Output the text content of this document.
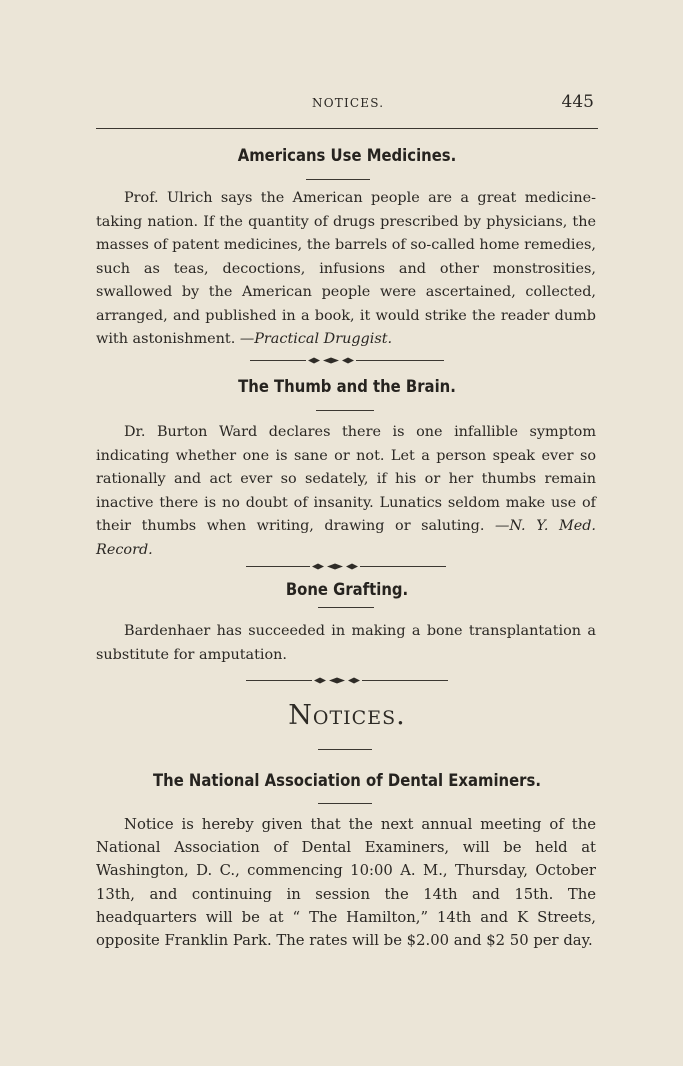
NOTICES.	445
Americans Use Medicines.

Prof. Ulrich says the American people are a great medicine-taking nation. If the quantity of drugs prescribed by physicians, the masses of patent medicines, the barrels of so-called home remedies, such as teas, decoctions, infusions and other monstrosities, swallowed by the American people were ascertained, collected, arranged, and published in a book, it would strike the reader dumb with astonishment. —Practical Druggist.

The Thumb and the Brain.

Dr. Burton Ward declares there is one infallible symptom indicating whether one is sane or not. Let a person speak ever so rationally and act ever so sedately, if his or her thumbs remain inactive there is no doubt of insanity. Lunatics seldom make use of their thumbs when writing, drawing or saluting. —N. Y. Med. Record.

Bone Grafting.

Bardenhaer has succeeded in making a bone transplantation a substitute for amputation.

Notices.
The National Association of Dental Examiners.

Notice is hereby given that the next annual meeting of the National Association of Dental Examiners, will be held at Washington, D. C., commencing 10:00 A. M., Thursday, October 13th, and continuing in session the 14th and 15th. The headquarters will be at “ The Hamilton,” 14th and K Streets, opposite Franklin Park. The rates will be $2.00 and $2 50 per day.
